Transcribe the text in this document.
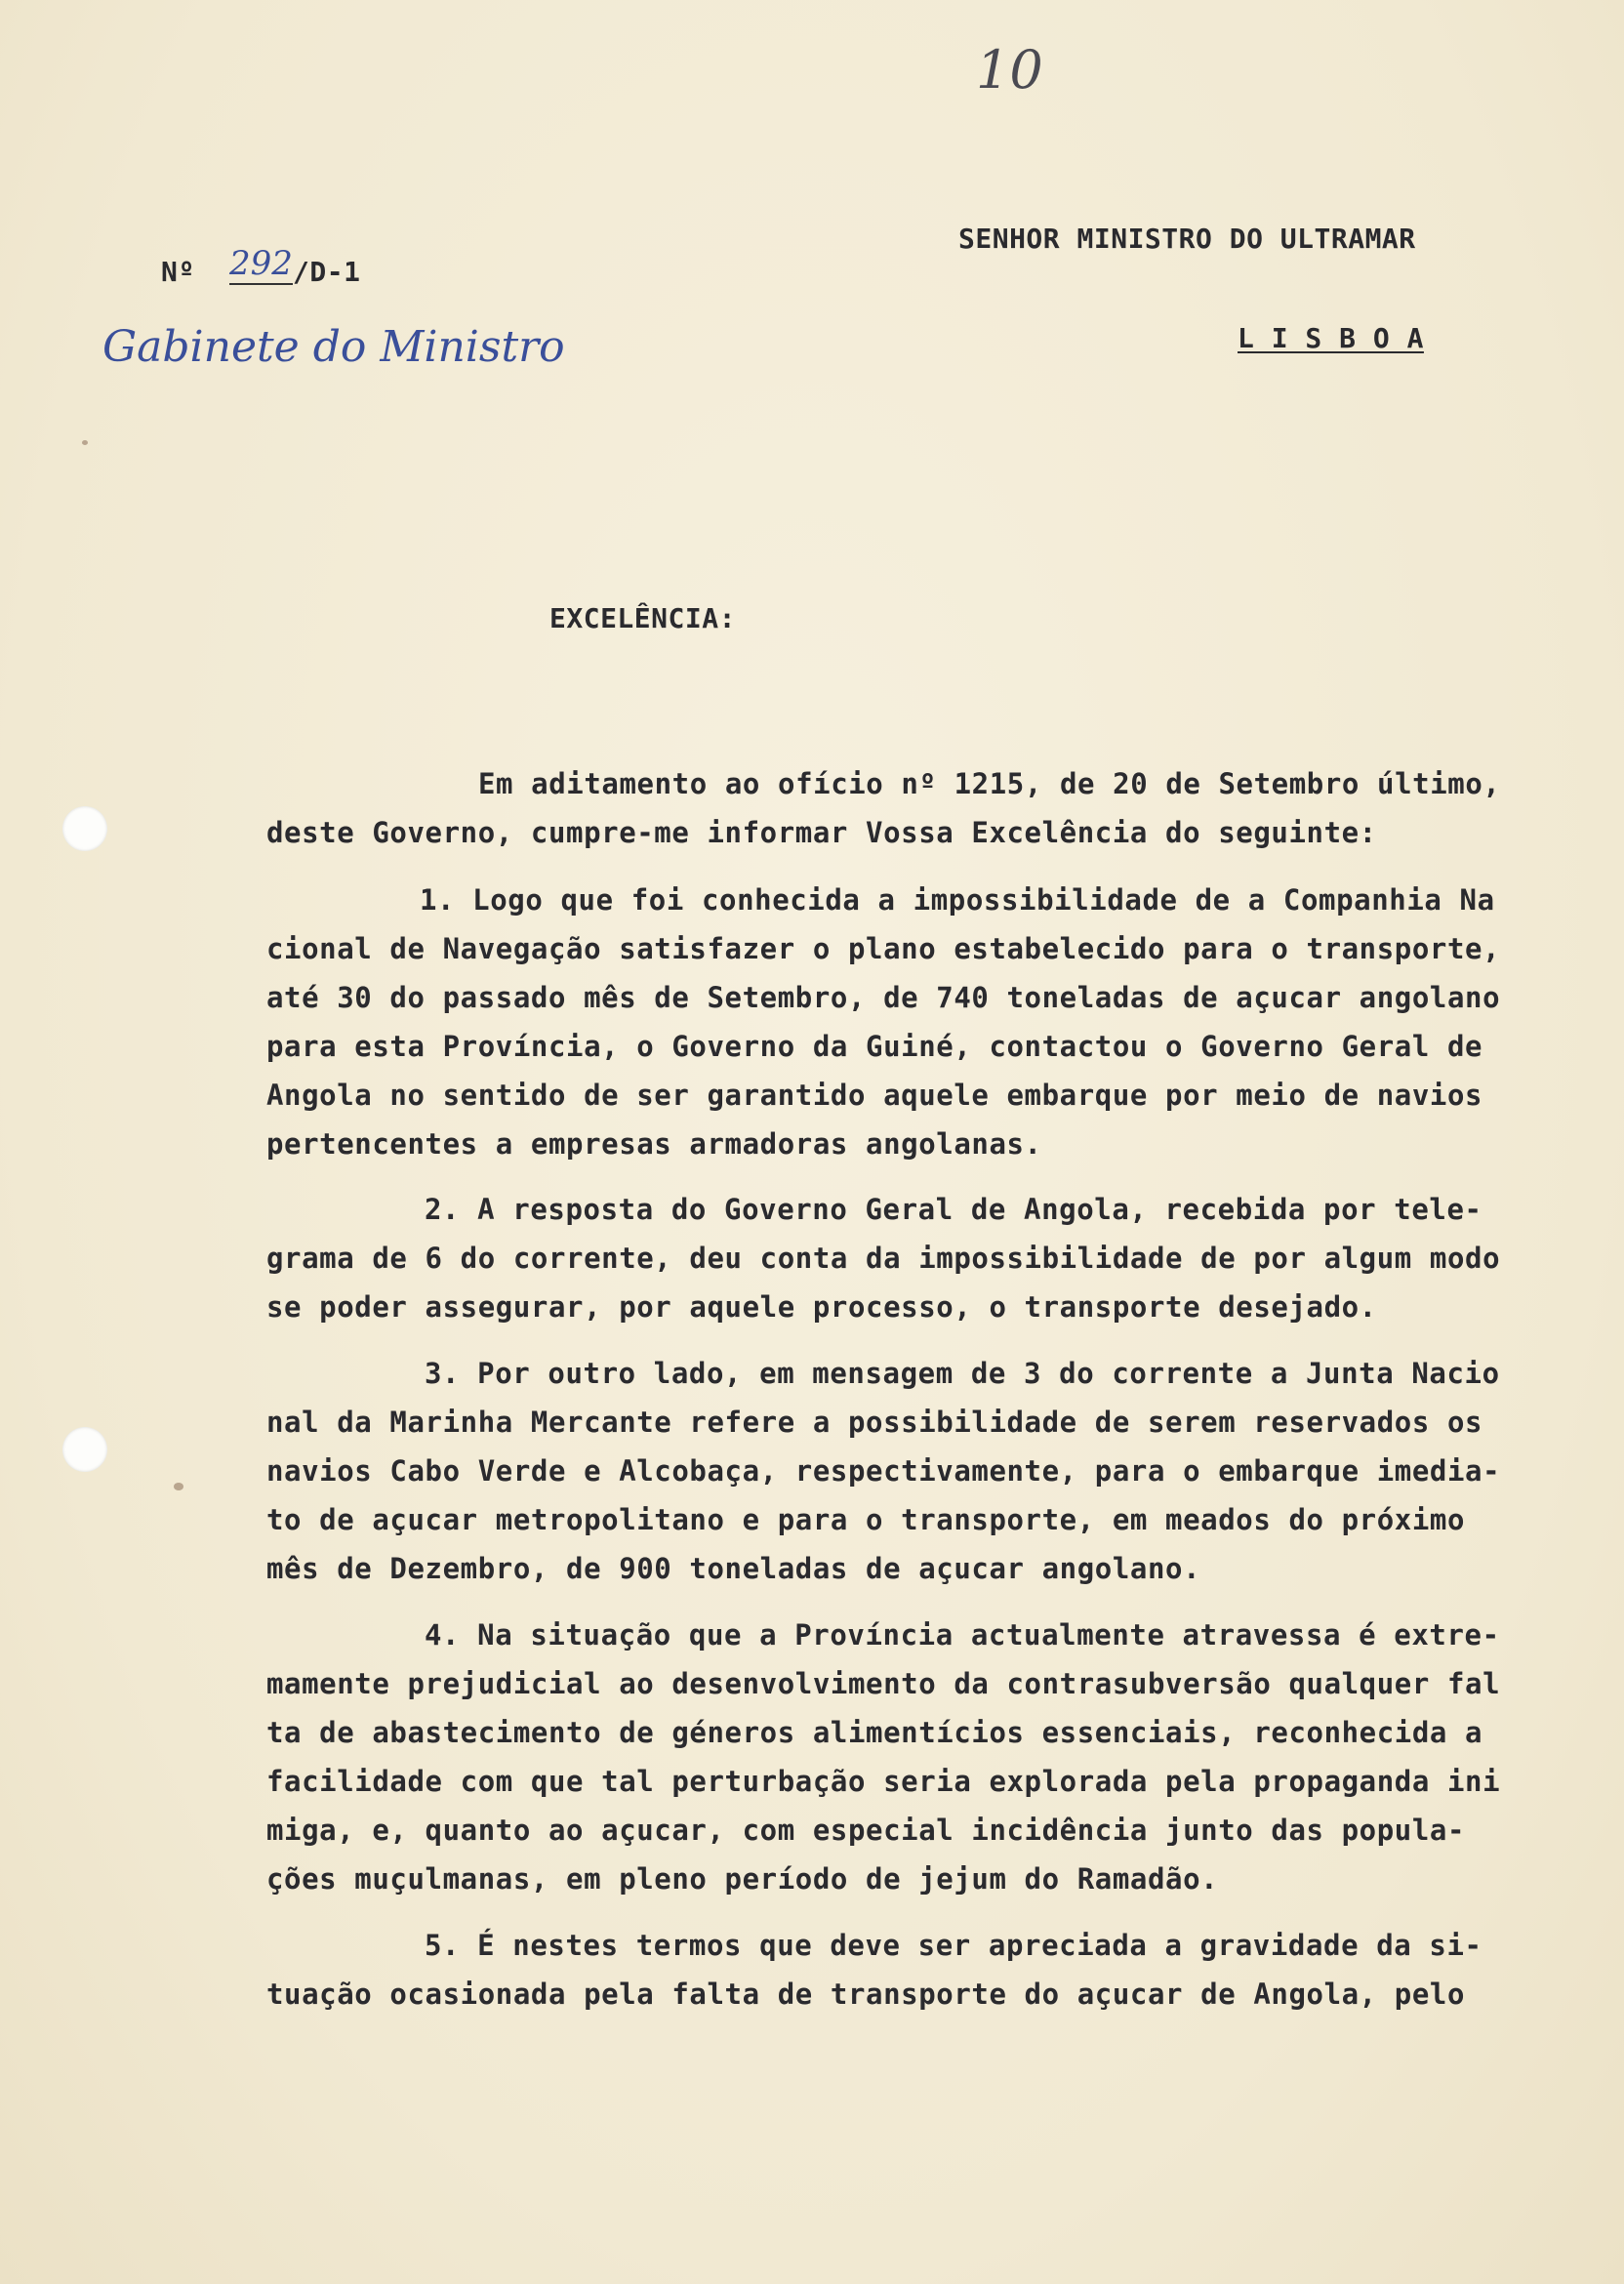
10
Nº 292 /D-1
Gabinete do Ministro
SENHOR MINISTRO DO ULTRAMAR
L I S B O A
EXCELÊNCIA:
Em aditamento ao ofício nº 1215, de 20 de Setembro último,
deste Governo, cumpre-me informar Vossa Excelência do seguinte:
1. Logo que foi conhecida a impossibilidade de a Companhia Na
cional de Navegação satisfazer o plano estabelecido para o transporte,
até 30 do passado mês de Setembro, de 740 toneladas de açucar angolano
para esta Província, o Governo da Guiné, contactou o Governo Geral de
Angola no sentido de ser garantido aquele embarque por meio de navios
pertencentes a empresas armadoras angolanas.
2. A resposta do Governo Geral de Angola, recebida por tele-
grama de 6 do corrente, deu conta da impossibilidade de por algum modo
se poder assegurar, por aquele processo, o transporte desejado.
3. Por outro lado, em mensagem de 3 do corrente a Junta Nacio
nal da Marinha Mercante refere a possibilidade de serem reservados os
navios Cabo Verde e Alcobaça, respectivamente, para o embarque imedia-
to de açucar metropolitano e para o transporte, em meados do próximo
mês de Dezembro, de 900 toneladas de açucar angolano.
4. Na situação que a Província actualmente atravessa é extre-
mamente prejudicial ao desenvolvimento da contrasubversão qualquer fal
ta de abastecimento de géneros alimentícios essenciais, reconhecida a
facilidade com que tal perturbação seria explorada pela propaganda ini
miga, e, quanto ao açucar, com especial incidência junto das popula-
ções muçulmanas, em pleno período de jejum do Ramadão.
5. É nestes termos que deve ser apreciada a gravidade da si-
tuação ocasionada pela falta de transporte do açucar de Angola, pelo
